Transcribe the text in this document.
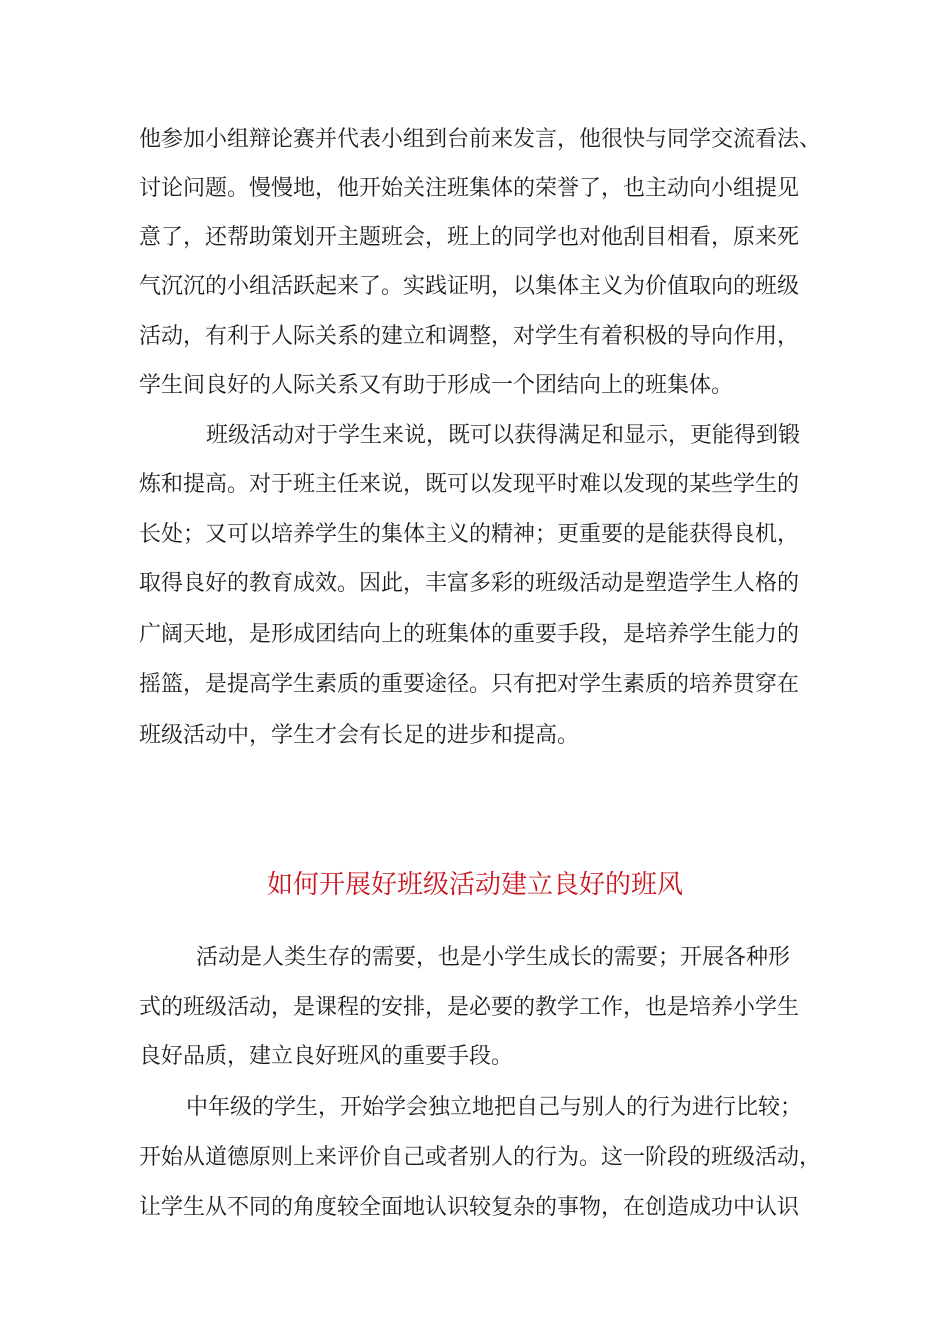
他参加小组辩论赛并代表小组到台前来发言，他很快与同学交流看法、
讨论问题。慢慢地，他开始关注班集体的荣誉了，也主动向小组提见
意了，还帮助策划开主题班会，班上的同学也对他刮目相看，原来死
气沉沉的小组活跃起来了。实践证明，以集体主义为价值取向的班级
活动，有利于人际关系的建立和调整，对学生有着积极的导向作用，
学生间良好的人际关系又有助于形成一个团结向上的班集体。
班级活动对于学生来说，既可以获得满足和显示，更能得到锻
炼和提高。对于班主任来说，既可以发现平时难以发现的某些学生的
长处；又可以培养学生的集体主义的精神；更重要的是能获得良机，
取得良好的教育成效。因此，丰富多彩的班级活动是塑造学生人格的
广阔天地，是形成团结向上的班集体的重要手段，是培养学生能力的
摇篮，是提高学生素质的重要途径。只有把对学生素质的培养贯穿在
班级活动中，学生才会有长足的进步和提高。
如何开展好班级活动建立良好的班风
活动是人类生存的需要，也是小学生成长的需要；开展各种形
式的班级活动，是课程的安排，是必要的教学工作，也是培养小学生
良好品质，建立良好班风的重要手段。
中年级的学生，开始学会独立地把自己与别人的行为进行比较；
开始从道德原则上来评价自己或者别人的行为。这一阶段的班级活动，
让学生从不同的角度较全面地认识较复杂的事物，在创造成功中认识
